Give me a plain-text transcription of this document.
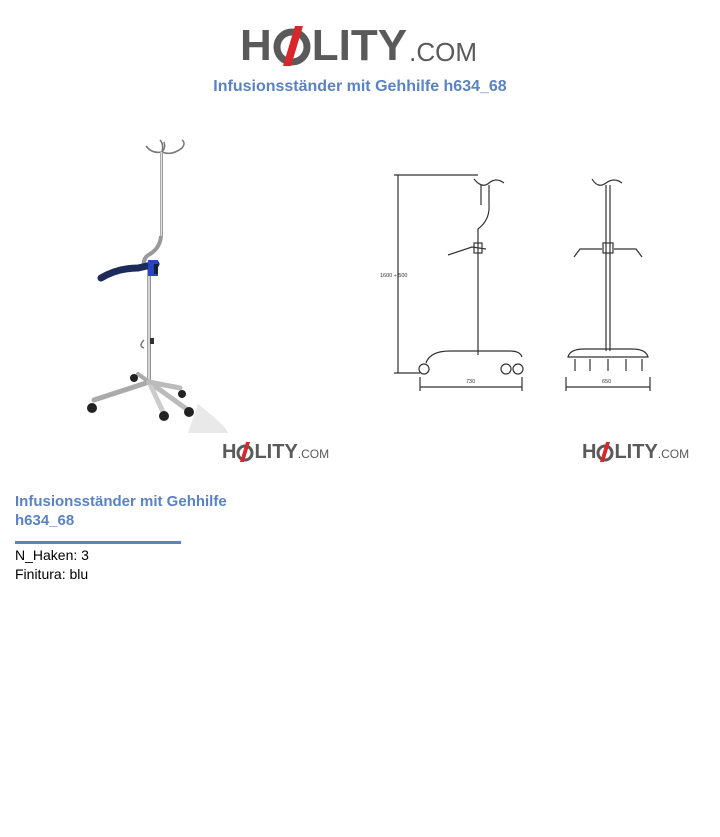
H LITY .COM
Infusionsständer mit Gehhilfe h634_68
1600 ÷ 500
730	650
H LITY .COM	H LITY .COM
Infusionsständer mit Gehhilfe h634_68
N_Haken: 3
Finitura: blu
